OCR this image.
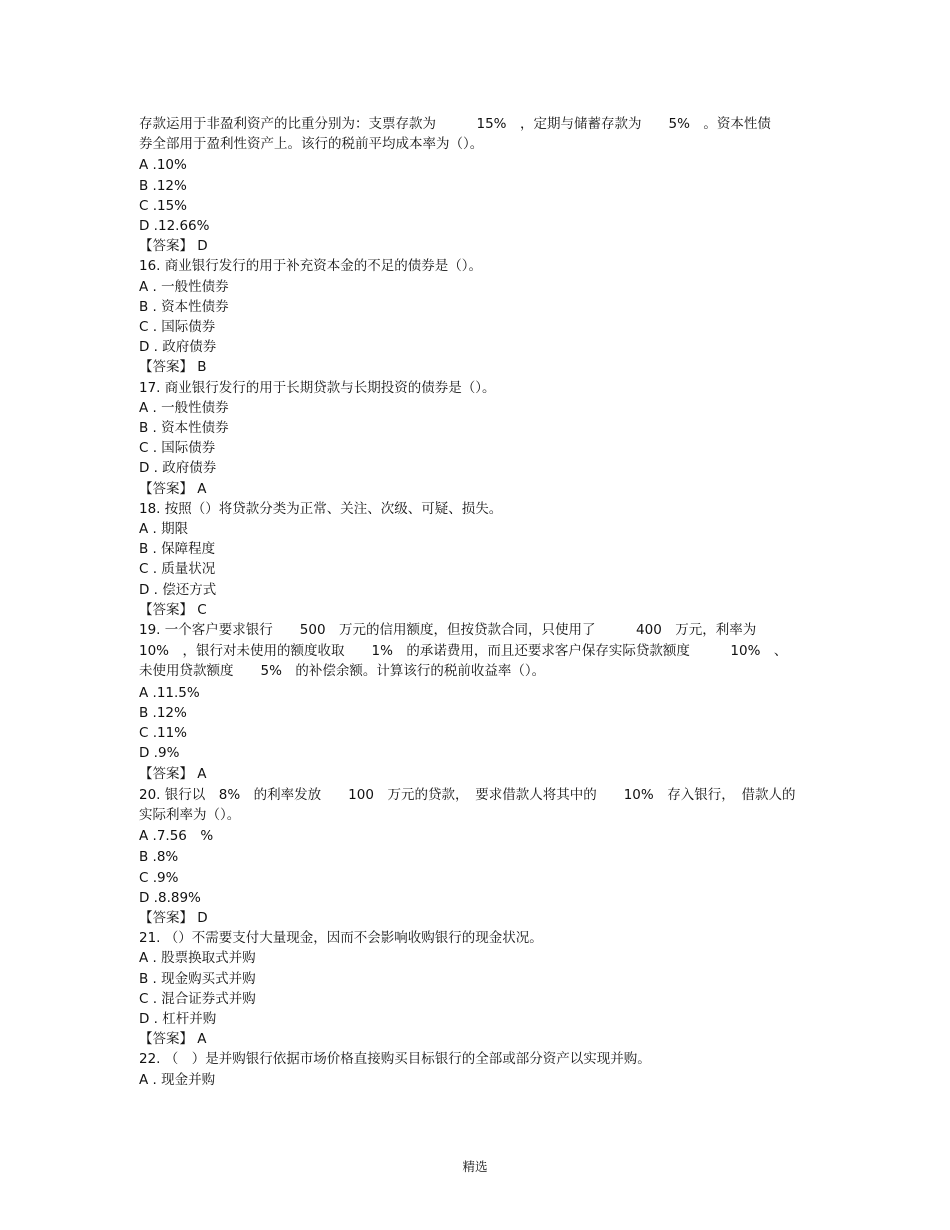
存款运用于非盈利资产的比重分别为：支票存款为　　　15%　，定期与储蓄存款为　　5%　。资本性债
券全部用于盈利性资产上。该行的税前平均成本率为（）。
A .10%
B .12%
C .15%
D .12.66%
【答案】 D
16. 商业银行发行的用于补充资本金的不足的债券是（）。
A . 一般性债券
B . 资本性债券
C . 国际债券
D . 政府债券
【答案】 B
17. 商业银行发行的用于长期贷款与长期投资的债券是（）。
A . 一般性债券
B . 资本性债券
C . 国际债券
D . 政府债券
【答案】 A
18. 按照（）将贷款分类为正常、关注、次级、可疑、损失。
A . 期限
B . 保障程度
C . 质量状况
D . 偿还方式
【答案】 C
19. 一个客户要求银行　　500　万元的信用额度，但按贷款合同，只使用了　　　400　万元，利率为
10%　，银行对未使用的额度收取　　1%　的承诺费用，而且还要求客户保存实际贷款额度　　　10%　、
未使用贷款额度　　5%　的补偿余额。计算该行的税前收益率（）。
A .11.5%
B .12%
C .11%
D .9%
【答案】 A
20. 银行以　8%　的利率发放　　100　万元的贷款，　要求借款人将其中的　　10%　存入银行，　借款人的
实际利率为（）。
A .7.56　%
B .8%
C .9%
D .8.89%
【答案】 D
21. （）不需要支付大量现金，因而不会影响收购银行的现金状况。
A . 股票换取式并购
B . 现金购买式并购
C . 混合证券式并购
D . 杠杆并购
【答案】 A
22. （　）是并购银行依据市场价格直接购买目标银行的全部或部分资产以实现并购。
A . 现金并购
精选
